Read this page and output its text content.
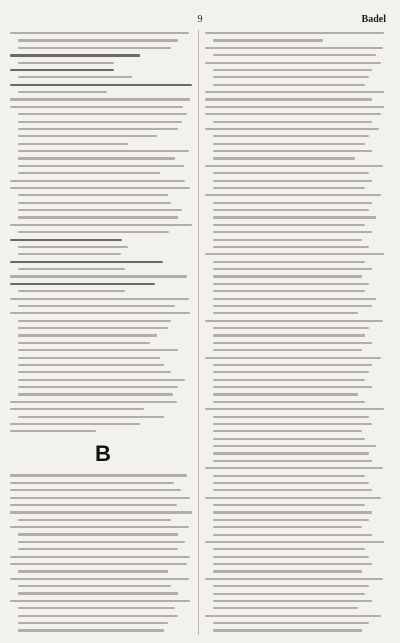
9	Badel
B
